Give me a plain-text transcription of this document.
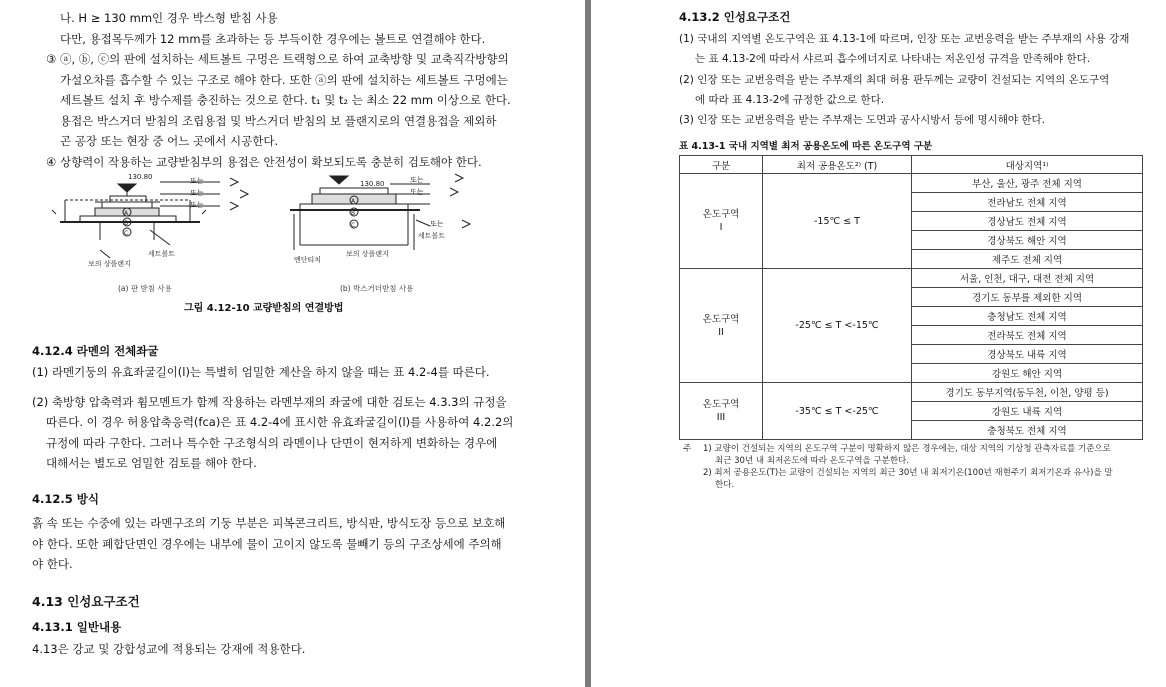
나. H ≥ 130 mm인 경우 박스형 받침 사용
다만, 용접목두께가 12 mm를 초과하는 등 부득이한 경우에는 볼트로 연결해야 한다.
③ ⓐ, ⓑ, ⓒ의 판에 설치하는 세트볼트 구멍은 트랙형으로 하여 교축방향 및 교축직각방향의
가설오차를 흡수할 수 있는 구조로 해야 한다. 또한 ⓐ의 판에 설치하는 세트볼트 구멍에는
세트볼트 설치 후 방수제를 충진하는 것으로 한다. t₁ 및 t₂ 는 최소 22 mm 이상으로 한다.
용접은 박스거더 받침의 조립용접 및 박스거더 받침의 보 플랜지로의 연결용접을 제외하
곤 공장 또는 현장 중 어느 곳에서 시공한다.
④ 상향력이 작용하는 교량받침부의 용접은 안전성이 확보되도록 충분히 검토해야 한다.
130.80	또는
또는
또는
A
B
C
세트볼트
보의 상플랜지
(a) 판 받침 사용
130.80	또는
또는
또는
A
B
C
세트볼트
맨단티치
보의 상플랜지
(b) 박스거더받침 사용
그림 4.12-10 교량받침의 연결방법
4.12.4 라멘의 전체좌굴
(1) 라멘기둥의 유효좌굴길이(l)는 특별히 엄밀한 계산을 하지 않을 때는 표 4.2-4를 따른다.
(2) 축방향 압축력과 휨모멘트가 함께 작용하는 라멘부재의 좌굴에 대한 검토는 4.3.3의 규정을
따른다. 이 경우 허용압축응력(fca)은 표 4.2-4에 표시한 유효좌굴길이(l)를 사용하여 4.2.2의
규정에 따라 구한다. 그러나 특수한 구조형식의 라멘이나 단면이 현저하게 변화하는 경우에
대해서는 별도로 엄밀한 검토를 해야 한다.
4.12.5 방식
흙 속 또는 수중에 있는 라멘구조의 기둥 부분은 피복콘크리트, 방식판, 방식도장 등으로 보호해
야 한다. 또한 폐합단면인 경우에는 내부에 물이 고이지 않도록 물빼기 등의 구조상세에 주의해
야 한다.
4.13 인성요구조건
4.13.1 일반내용
4.13은 강교 및 강합성교에 적용되는 강재에 적용한다.
4.13.2 인성요구조건
(1) 국내의 지역별 온도구역은 표 4.13-1에 따르며, 인장 또는 교번응력을 받는 주부재의 사용 강재
는 표 4.13-2에 따라서 샤르피 흡수에너지로 나타내는 저온인성 규격을 만족해야 한다.
(2) 인장 또는 교번응력을 받는 주부재의 최대 허용 판두께는 교량이 건설되는 지역의 온도구역
에 따라 표 4.13-2에 규정한 값으로 한다.
(3) 인장 또는 교번응력을 받는 주부재는 도면과 공사시방서 등에 명시해야 한다.
표 4.13-1 국내 지역별 최저 공용온도에 따른 온도구역 구분
구분	최저 공용온도²⁾ (T)	대상지역¹⁾
온도구역
I	-15℃ ≤ T	부산, 울산, 광주 전체 지역
		전라남도 전체 지역
		경상남도 전체 지역
		경상북도 해안 지역
		제주도 전체 지역
온도구역
II	-25℃ ≤ T <-15℃	서울, 인천, 대구, 대전 전체 지역
		경기도 동부를 제외한 지역
		충청남도 전체 지역
		전라북도 전체 지역
		경상북도 내륙 지역
		강원도 해안 지역
온도구역
III	-35℃ ≤ T <-25℃	경기도 동부지역(동두천, 이천, 양평 등)
		강원도 내륙 지역
		충청북도 전체 지역
주 1) 교량이 건설되는 지역의 온도구역 구분이 명확하지 않은 경우에는, 대상 지역의 기상청 관측자료를 기준으로
최근 30년 내 최저온도에 따라 온도구역을 구분한다.
2) 최저 공용온도(T)는 교량이 건설되는 지역의 최근 30년 내 최저기온(100년 재현주기 최저기온과 유사)을 말
한다.
